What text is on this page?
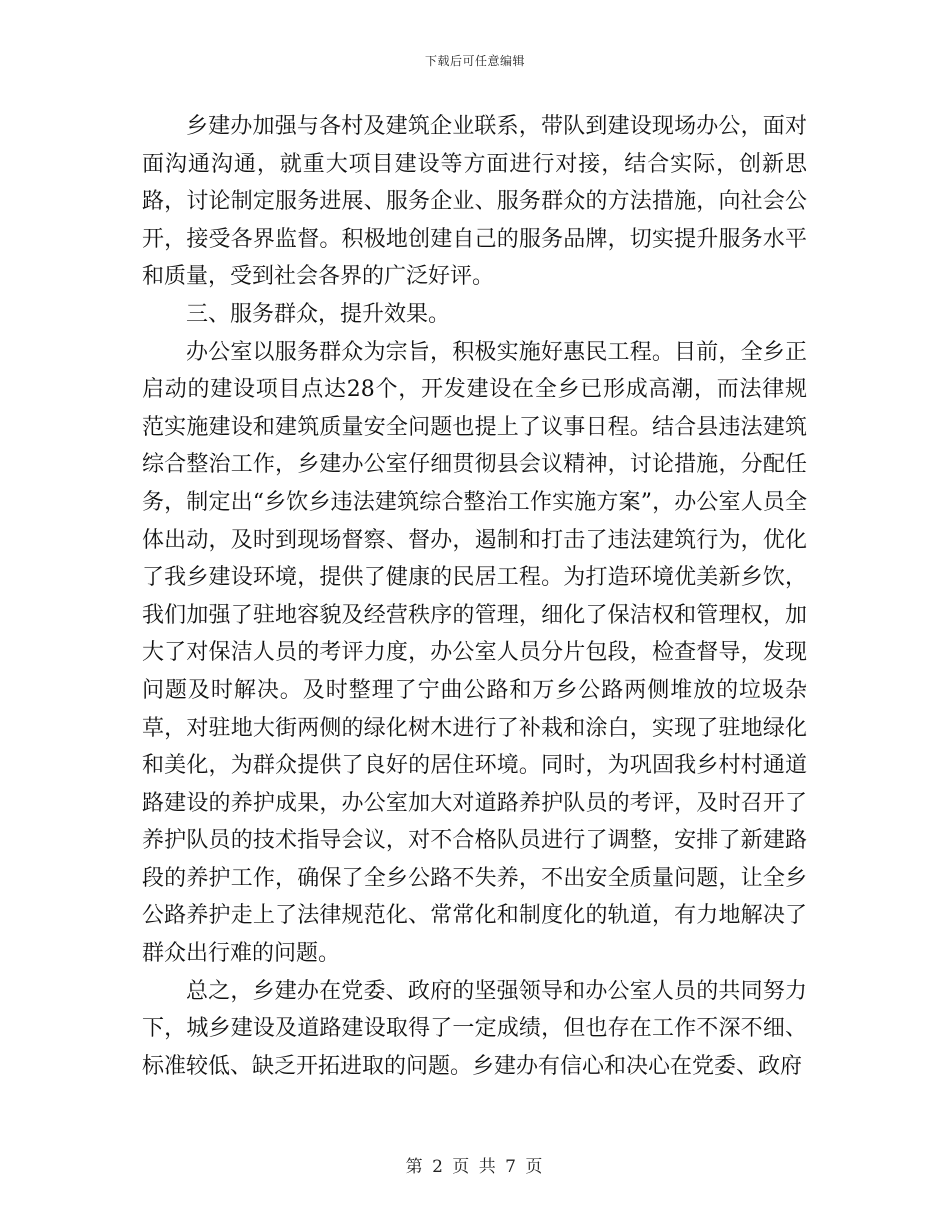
下载后可任意编辑

乡建办加强与各村及建筑企业联系，带队到建设现场办公，面对面沟通沟通，就重大项目建设等方面进行对接，结合实际，创新思路，讨论制定服务进展、服务企业、服务群众的方法措施，向社会公开，接受各界监督。积极地创建自己的服务品牌，切实提升服务水平和质量，受到社会各界的广泛好评。

三、服务群众，提升效果。

办公室以服务群众为宗旨，积极实施好惠民工程。目前，全乡正启动的建设项目点达28个，开发建设在全乡已形成高潮，而法律规范实施建设和建筑质量安全问题也提上了议事日程。结合县违法建筑综合整治工作，乡建办公室仔细贯彻县会议精神，讨论措施，分配任务，制定出“乡饮乡违法建筑综合整治工作实施方案”，办公室人员全体出动，及时到现场督察、督办，遏制和打击了违法建筑行为，优化了我乡建设环境，提供了健康的民居工程。为打造环境优美新乡饮，我们加强了驻地容貌及经营秩序的管理，细化了保洁权和管理权，加大了对保洁人员的考评力度，办公室人员分片包段，检查督导，发现问题及时解决。及时整理了宁曲公路和万乡公路两侧堆放的垃圾杂草，对驻地大街两侧的绿化树木进行了补栽和涂白，实现了驻地绿化和美化，为群众提供了良好的居住环境。同时，为巩固我乡村村通道路建设的养护成果，办公室加大对道路养护队员的考评，及时召开了养护队员的技术指导会议，对不合格队员进行了调整，安排了新建路段的养护工作，确保了全乡公路不失养，不出安全质量问题，让全乡公路养护走上了法律规范化、常常化和制度化的轨道，有力地解决了群众出行难的问题。

总之，乡建办在党委、政府的坚强领导和办公室人员的共同努力下，城乡建设及道路建设取得了一定成绩，但也存在工作不深不细、标准较低、缺乏开拓进取的问题。乡建办有信心和决心在党委、政府

第 2 页 共 7 页
